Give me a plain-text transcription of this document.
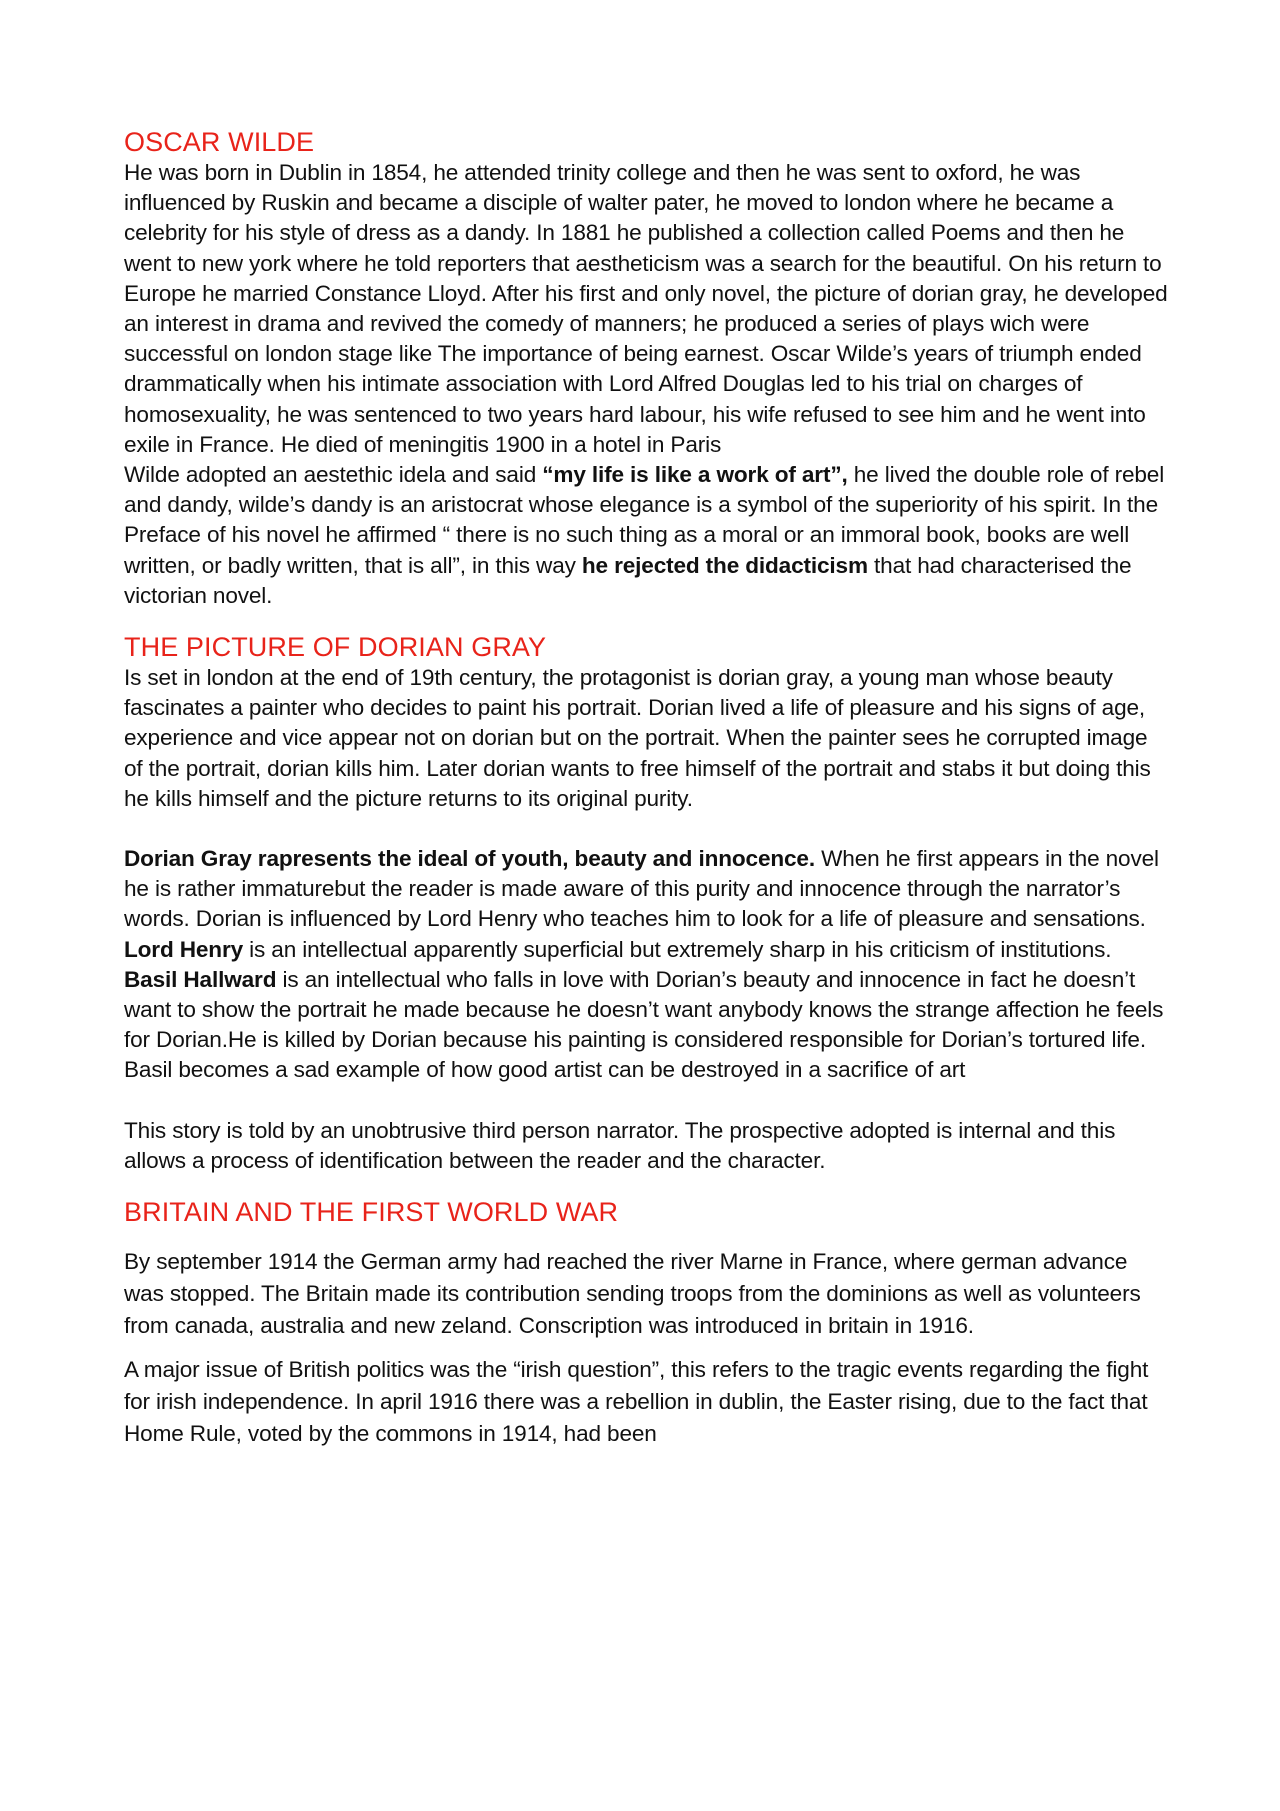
OSCAR WILDE

He was born in Dublin in 1854, he attended trinity college and then he was sent to oxford, he was influenced by Ruskin and became a disciple of walter pater, he moved to london where he became a celebrity for his style of dress as a dandy. In 1881 he published a collection called Poems and then he went to new york where he told reporters that aestheticism was a search for the beautiful. On his return to Europe he married Constance Lloyd. After his first and only novel, the picture of dorian gray, he developed an interest in drama and revived the comedy of manners; he produced a series of plays wich were successful on london stage like The importance of being earnest. Oscar Wilde’s years of triumph ended drammatically when his intimate association with Lord Alfred Douglas led to his trial on charges of homosexuality, he was sentenced to two years hard labour, his wife refused to see him and he went into exile in France. He died of meningitis 1900 in a hotel in Paris

Wilde adopted an aestethic idela and said “my life is like a work of art”, he lived the double role of rebel and dandy, wilde’s dandy is an aristocrat whose elegance is a symbol of the superiority of his spirit. In the Preface of his novel he affirmed “ there is no such thing as a moral or an immoral book, books are well written, or badly written, that is all”, in this way he rejected the didacticism that had characterised the victorian novel.

THE PICTURE OF DORIAN GRAY

Is set in london at the end of 19th century, the protagonist is dorian gray, a young man whose beauty fascinates a painter who decides to paint his portrait. Dorian lived a life of pleasure and his signs of age, experience and vice appear not on dorian but on the portrait. When the painter sees he corrupted image of the portrait, dorian kills him. Later dorian wants to free himself of the portrait and stabs it but doing this he kills himself and the picture returns to its original purity.

Dorian Gray rapresents the ideal of youth, beauty and innocence. When he first appears in the novel he is rather immaturebut the reader is made aware of this purity and innocence through the narrator’s words. Dorian is influenced by Lord Henry who teaches him to look for a life of pleasure and sensations. Lord Henry is an intellectual apparently superficial but extremely sharp in his criticism of institutions. Basil Hallward is an intellectual who falls in love with Dorian’s beauty and innocence in fact he doesn’t want to show the portrait he made because he doesn’t want anybody knows the strange affection he feels for Dorian.He is killed by Dorian because his painting is considered responsible for Dorian’s tortured life. Basil becomes a sad example of how good artist can be destroyed in a sacrifice of art

This story is told by an unobtrusive third person narrator. The prospective adopted is internal and this allows a process of identification between the reader and the character.

BRITAIN AND THE FIRST WORLD WAR

By september 1914 the German army had reached the river Marne in France, where german advance was stopped. The Britain made its contribution sending troops from the dominions as well as volunteers from canada, australia and new zeland. Conscription was introduced in britain in 1916.

A major issue of British politics was the “irish question”, this refers to the tragic events regarding the fight for irish independence. In april 1916 there was a rebellion in dublin, the Easter rising, due to the fact that Home Rule, voted by the commons in 1914, had been
